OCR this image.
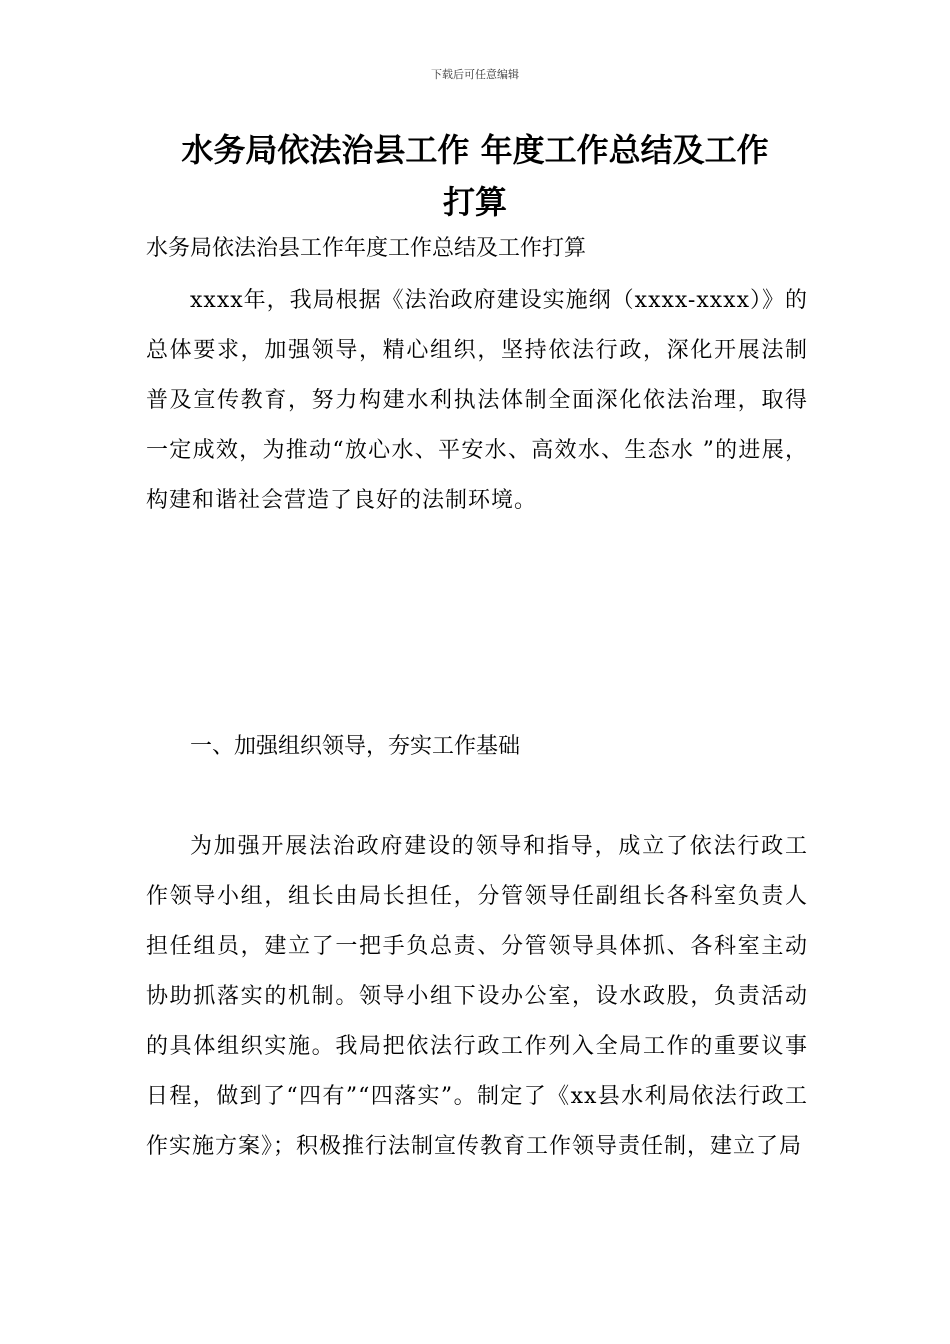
下载后可任意编辑
水务局依法治县工作 年度工作总结及工作
打算

水务局依法治县工作年度工作总结及工作打算

xxxx年，我局根据《法治政府建设实施纲（xxxx-xxxx）》的总体要求，加强领导，精心组织，坚持依法行政，深化开展法制普及宣传教育，努力构建水利执法体制全面深化依法治理，取得一定成效，为推动“放心水、平安水、高效水、生态水 ”的进展，构建和谐社会营造了良好的法制环境。

一、加强组织领导，夯实工作基础

为加强开展法治政府建设的领导和指导，成立了依法行政工作领导小组，组长由局长担任，分管领导任副组长各科室负责人担任组员，建立了一把手负总责、分管领导具体抓、各科室主动协助抓落实的机制。领导小组下设办公室，设水政股，负责活动的具体组织实施。我局把依法行政工作列入全局工作的重要议事日程，做到了“四有”“四落实”。制定了《xx县水利局依法行政工作实施方案》；积极推行法制宣传教育工作领导责任制，建立了局
